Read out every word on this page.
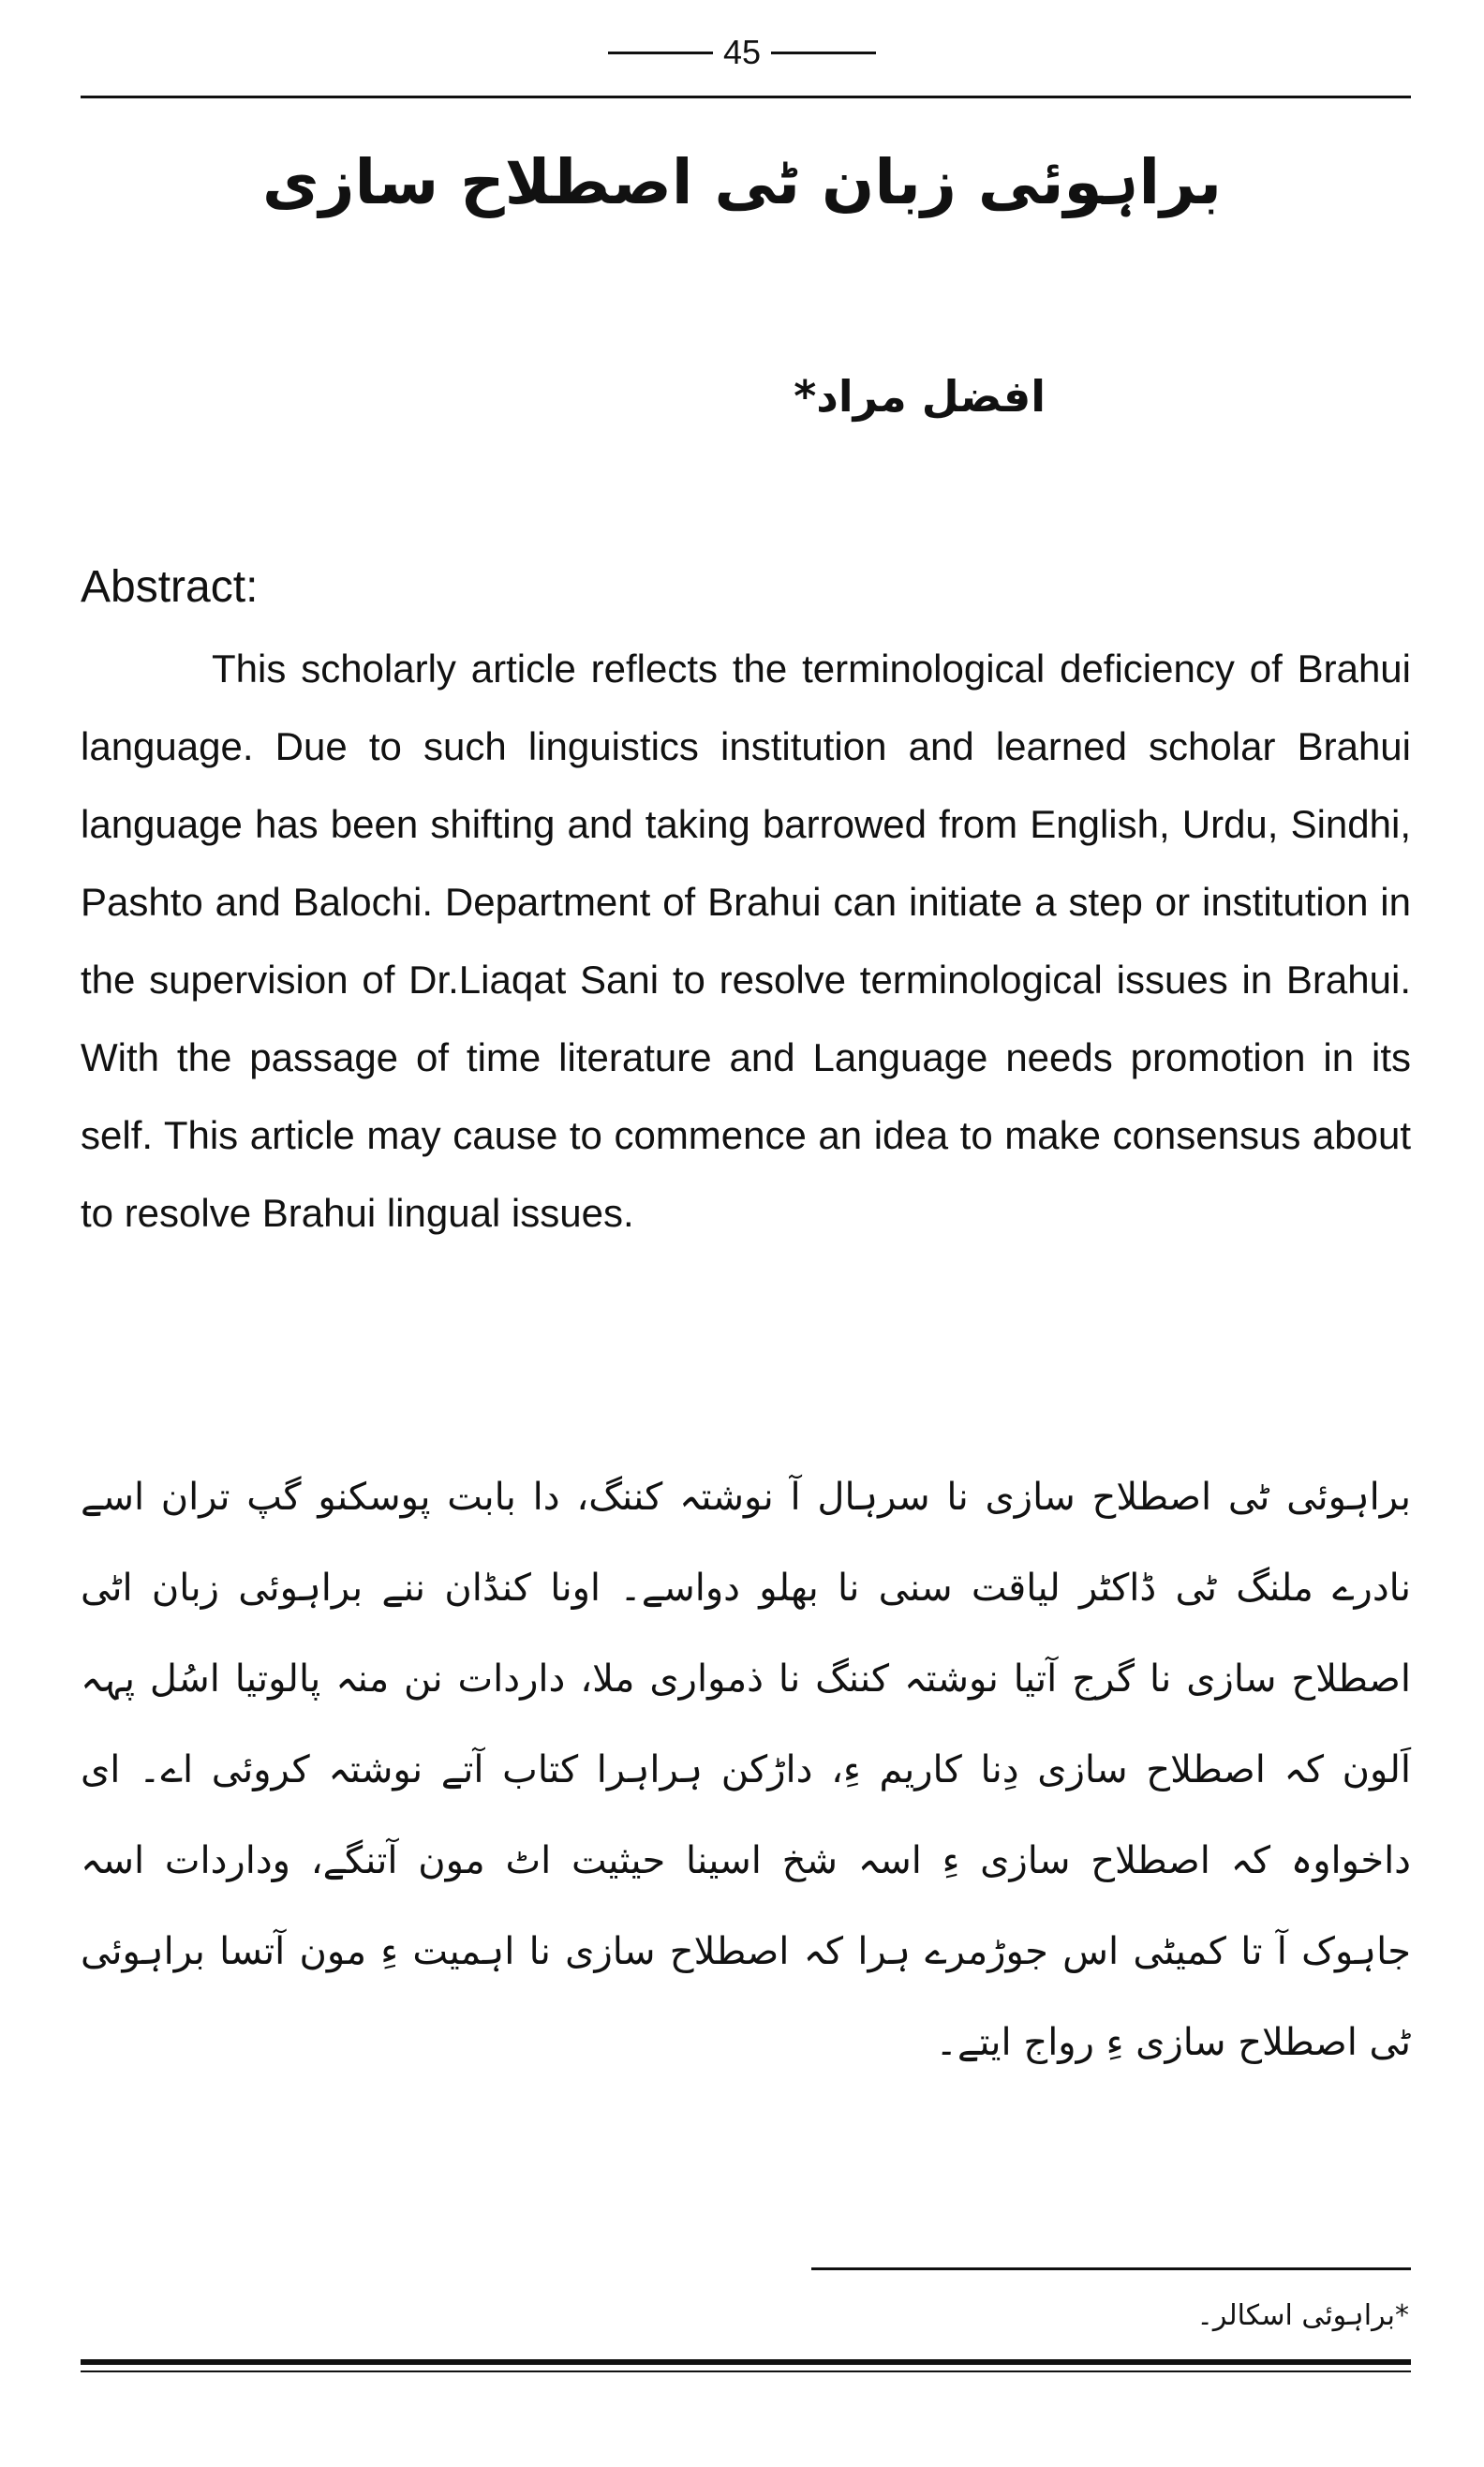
45
براہوئی زبان ٹی اصطلاح سازی
افضل مراد*
Abstract:

This scholarly article reflects the terminological deficiency of Brahui language. Due to such linguistics institution and learned scholar Brahui language has been shifting and taking barrowed from English, Urdu, Sindhi, Pashto and Balochi. Department of Brahui can initiate a step or institution in the supervision of Dr.Liaqat Sani to resolve terminological issues in Brahui. With the passage of time literature and Language needs promotion in its self. This article may cause to commence an idea to make consensus about to resolve Brahui lingual issues.

براہوئی ٹی اصطلاح سازی نا سرہال آ نوشتہ کننگ، دا بابت پوسکنو گپ تران اسے نادرے ملنگ ٹی ڈاکٹر لیاقت سنی نا بھلو دواسے۔ اونا کنڈان ننے براہوئی زبان اٹی اصطلاح سازی نا گرج آتیا نوشتہ کننگ نا ذمواری ملا، داردات نن منہ پالوتیا اسُل پہہ اَلون کہ اصطلاح سازی دِنا کاریم ءِ، داڑکن ہراہرا کتاب آتے نوشتہ کروئی اے۔ ای داخواوہ کہ اصطلاح سازی ءِ اسہ شخ اسینا حیثیت اٹ مون آتنگے، وداردات اسہ جاہوک آ تا کمیٹی اس جوڑمرے ہرا کہ اصطلاح سازی نا اہمیت ءِ مون آتسا براہوئی ٹی اصطلاح سازی ءِ رواج ایتے۔

*براہوئی اسکالر۔
